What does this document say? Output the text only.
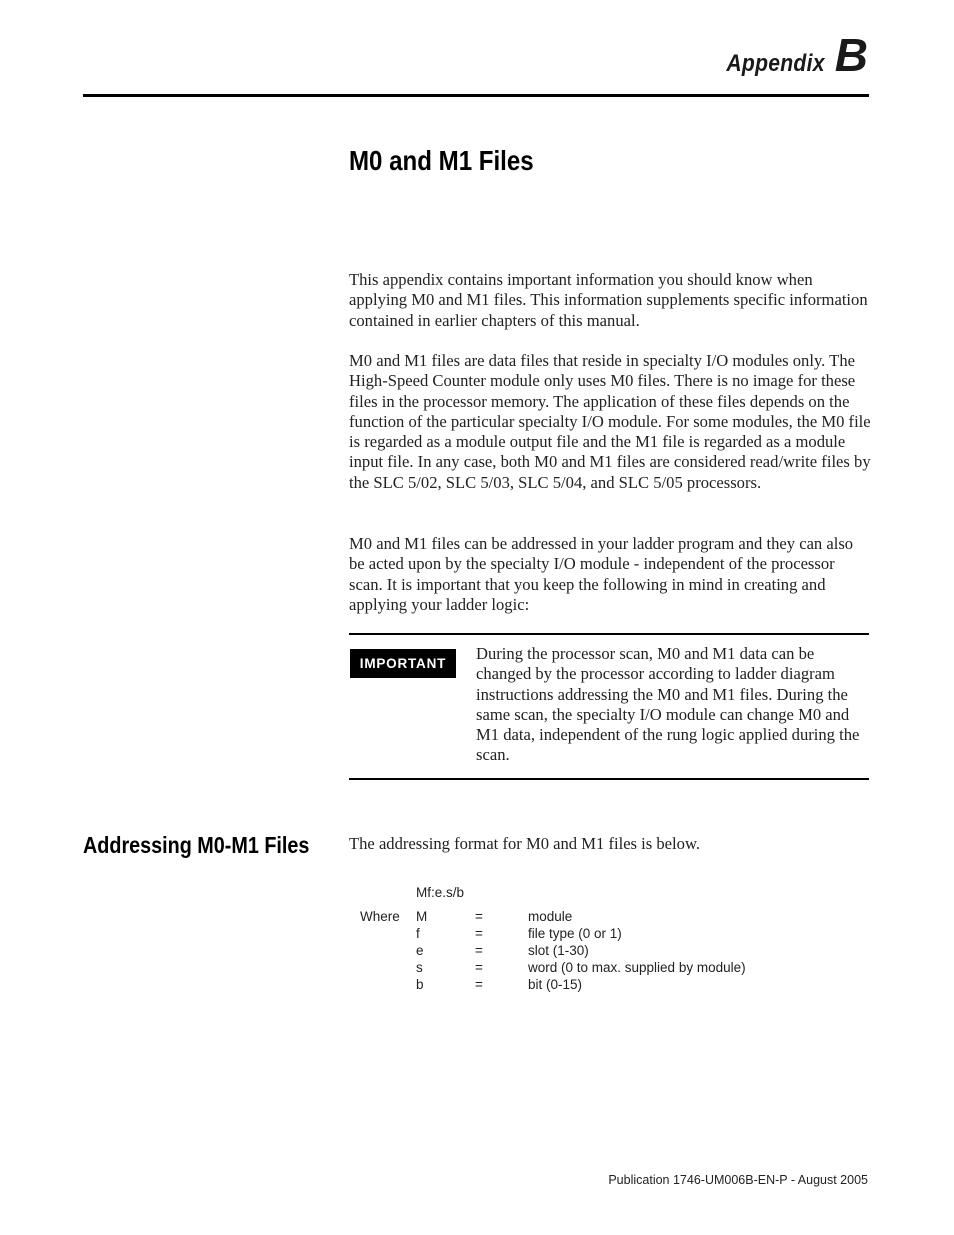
Appendix B
M0 and M1 Files

This appendix contains important information you should know when applying M0 and M1 files. This information supplements specific information contained in earlier chapters of this manual.

M0 and M1 files are data files that reside in specialty I/O modules only. The High-Speed Counter module only uses M0 files. There is no image for these files in the processor memory. The application of these files depends on the function of the particular specialty I/O module. For some modules, the M0 file is regarded as a module output file and the M1 file is regarded as a module input file. In any case, both M0 and M1 files are considered read/write files by the SLC 5/02, SLC 5/03, SLC 5/04, and SLC 5/05 processors.

M0 and M1 files can be addressed in your ladder program and they can also be acted upon by the specialty I/O module - independent of the processor scan. It is important that you keep the following in mind in creating and applying your ladder logic:

IMPORTANT

During the processor scan, M0 and M1 data can be changed by the processor according to ladder diagram instructions addressing the M0 and M1 files. During the same scan, the specialty I/O module can change M0 and M1 data, independent of the rung logic applied during the scan.

Addressing M0-M1 Files The addressing format for M0 and M1 files is below.

Mf:e.s/b
Where M	=	module
f	=	file type (0 or 1)
e	=	slot (1-30)
s	=	word (0 to max. supplied by module)
b	=	bit (0-15)
Publication 1746-UM006B-EN-P - August 2005
